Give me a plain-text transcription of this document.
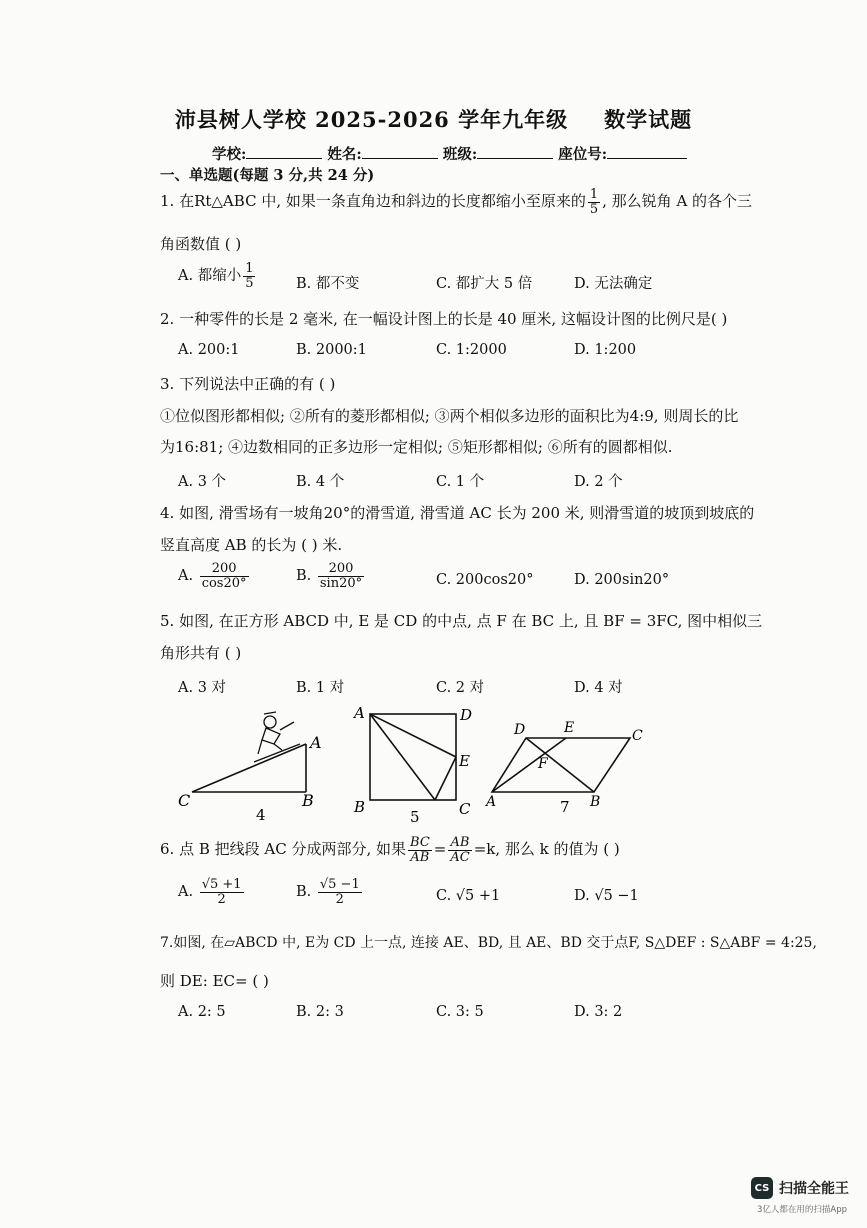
沛县树人学校 2025-2026 学年九年级 数学试题
学校:	姓名:	班级:	座位号:
一、单选题(每题 3 分,共 24 分)
1. 在Rt△ABC 中, 如果一条直角边和斜边的长度都缩小至原来的 $\frac{1}{5}$ , 那么锐角 A 的各个三
角函数值 ( )
A. 都缩小 $\frac{1}{5}$	B. 都不变	C. 都扩大 5 倍	D. 无法确定
2. 一种零件的长是 2 毫米, 在一幅设计图上的长是 40 厘米, 这幅设计图的比例尺是( )
A. 200:1	B. 2000:1	C. 1:2000	D. 1:200
3. 下列说法中正确的有 ( )
①位似图形都相似; ②所有的菱形都相似; ③两个相似多边形的面积比为4:9, 则周长的比
为16:81; ④边数相同的正多边形一定相似; ⑤矩形都相似; ⑥所有的圆都相似.
A. 3 个	B. 4 个	C. 1 个	D. 2 个
4. 如图, 滑雪场有一坡角20°的滑雪道, 滑雪道 AC 长为 200 米, 则滑雪道的坡顶到坡底的
竖直高度 AB 的长为 ( ) 米.
A. $\frac{200}{\cos 20^\circ}$	B. $\frac{200}{\sin 20^\circ}$	C. 200cos20°	D. 200sin20°
5. 如图, 在正方形 ABCD 中, E 是 CD 的中点, 点 F 在 BC 上, 且 BF = 3FC, 图中相似三
角形共有 ( )
A. 3 对	B. 1 对	C. 2 对	D. 4 对
C	B
A
4
A	D
E
B	C
5
D	E	C
F
A	B
7
6. 点 B 把线段 AC 分成两部分, 如果 $\frac{BC}{AB} = \frac{AB}{AC} =k$, 那么 k 的值为 ( )
A. $\frac{√5 +1}{2}$	B. $\frac{√5 -1}{2}$	C. √5 +1	D. √5 −1
7.如图, 在▱ABCD 中, E为 CD 上一点, 连接 AE、BD, 且 AE、BD 交于点F, S△DEF : S△ABF = 4:25,
则 DE: EC= ( )
A. 2: 5	B. 2: 3	C. 3: 5	D. 3: 2
CS 扫描全能王
3亿人都在用的扫描App
